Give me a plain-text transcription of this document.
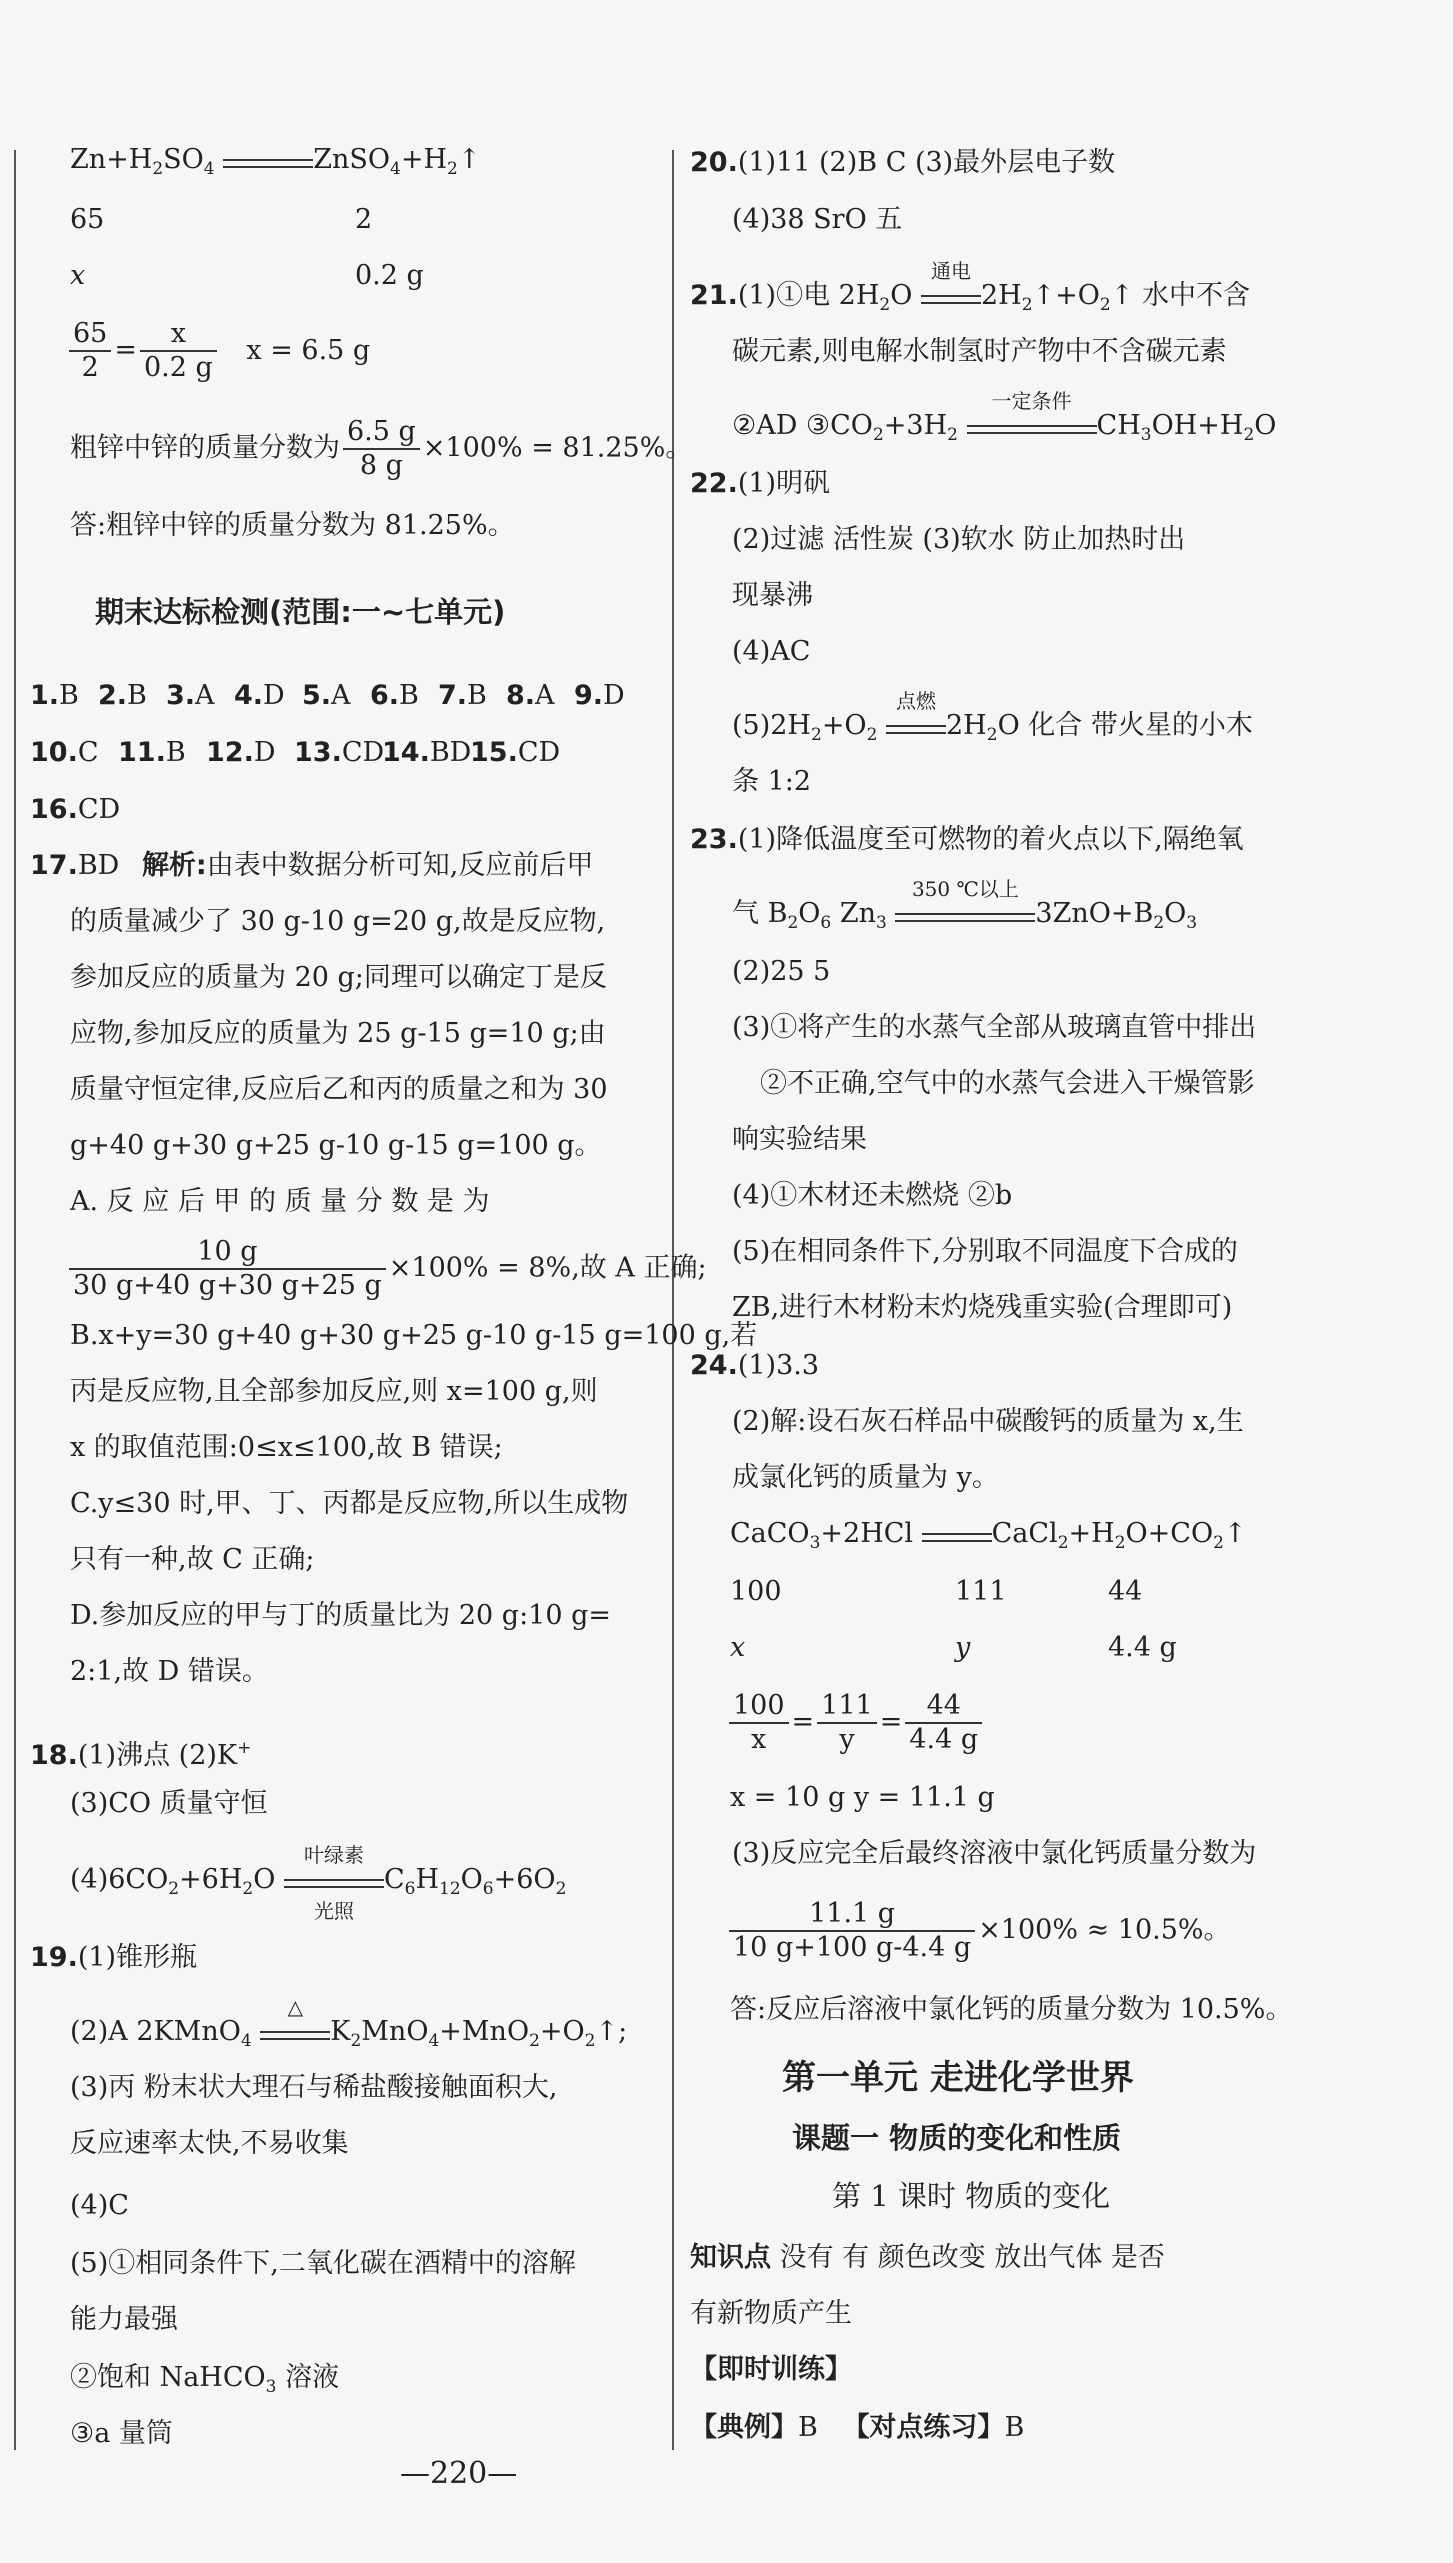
$Zn+H_2SO_4$	$ZnSO_4+H_2↑$
65	2
x	0.2 g
$\frac{65}{2} = \frac{x}{0.2 g}$ x = 6.5 g
粗锌中锌的质量分数为 $\frac{6.5 g}{8 g} \times 100\% = 81.25\%$。
答:粗锌中锌的质量分数为 81.25%。
期末达标检测(范围:一~七单元)
1.B 2.B 3.A 4.D 5.A 6.B 7.B 8.A 9.D
10.C 11.B 12.D 13.CD
14.BD
15.CD
16.CD
17.BD 解析:由表中数据分析可知,反应前后甲
的质量减少了 30 g-10 g=20 g,故是反应物,
参加反应的质量为 20 g;同理可以确定丁是反
应物,参加反应的质量为 25 g-15 g=10 g;由
质量守恒定律,反应后乙和丙的质量之和为 30
g+40 g+30 g+25 g-10 g-15 g=100 g。
A. 反 应 后 甲 的 质 量 分 数 是 为
$\frac{10 g}{30 g+40 g+30 g+25 g} \times 100\% = 8\%$,故 A 正确;
B.x+y=30 g+40 g+30 g+25 g-10 g-15 g=100 g,若
丙是反应物,且全部参加反应,则 x=100 g,则
x 的取值范围:0≤x≤100,故 B 错误;
C.y≤30 时,甲、丁、丙都是反应物,所以生成物
只有一种,故 C 正确;
D.参加反应的甲与丁的质量比为 20 g:10 g=
2:1,故 D 错误。
18.(1)沸点 (2)K+
(3)CO 质量守恒
$(4)6CO_2+6H_2O$
叶绿素
光照
$C_6H_{12}O_6+6O_2$
19.(1)锥形瓶
(2)A 2KMnO$_4$
△
$K_2MnO_4+MnO_2+O_2↑$;
(3)丙 粉末状大理石与稀盐酸接触面积大,
反应速率太快,不易收集
(4)C
(5)①相同条件下,二氧化碳在酒精中的溶解
能力最强
②饱和 NaHCO$_3$ 溶液
③a 量筒
20.(1)11 (2)B C (3)最外层电子数
(4)38 SrO 五
21.(1)①电 $2H_2O$
通电
$2H_2↑+O_2↑$ 水中不含
碳元素,则电解水制氢时产物中不含碳元素
②AD $③CO_2+3H_2$
一定条件
$CH_3OH+H_2O$
22.(1)明矾
(2)过滤 活性炭 (3)软水 防止加热时出
现暴沸
(4)AC
$(5)2H_2+O_2$
点燃
$2H_2O$ 化合 带火星的小木
条 1:2
23.(1)降低温度至可燃物的着火点以下,隔绝氧
气 $B_2O_6$ $Zn_3$
350 ℃以上
$3ZnO+B_2O_3$
(2)25 5
(3)①将产生的水蒸气全部从玻璃直管中排出
②不正确,空气中的水蒸气会进入干燥管影
响实验结果
(4)①木材还未燃烧 ②b
(5)在相同条件下,分别取不同温度下合成的
ZB,进行木材粉末灼烧残重实验(合理即可)
24.(1)3.3
(2)解:设石灰石样品中碳酸钙的质量为 x,生
成氯化钙的质量为 y。
CaCO$_3$+2HCl	$CaCl_2+H_2O+CO_2↑$
100	111	44
x	y	4.4 g
$\frac{100}{x} = \frac{111}{y} = \frac{44}{4.4 g}$
x = 10 g y = 11.1 g
(3)反应完全后最终溶液中氯化钙质量分数为
$\frac{11.1 g}{10 g+100 g-4.4 g} \times 100\% \approx 10.5\%$。
答:反应后溶液中氯化钙的质量分数为 10.5%。
第一单元 走进化学世界
课题一 物质的变化和性质
第 1 课时 物质的变化
知识点 没有 有 颜色改变 放出气体 是否
有新物质产生
【即时训练】
【典例】B 【对点练习】B
—220—
